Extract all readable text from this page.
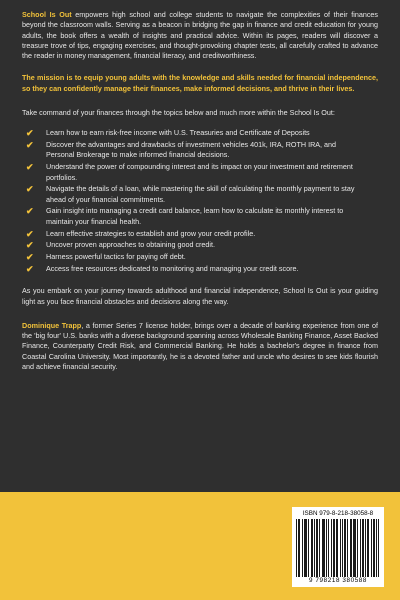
School Is Out empowers high school and college students to navigate the complexities of their finances beyond the classroom walls. Serving as a beacon in bridging the gap in finance and credit education for young adults, the book offers a wealth of insights and practical advice. Within its pages, readers will discover a treasure trove of tips, engaging exercises, and thought-provoking chapter tests, all carefully crafted to advance the reader in money management, financial literacy, and creditworthiness.

The mission is to equip young adults with the knowledge and skills needed for financial independence, so they can confidently manage their finances, make informed decisions, and thrive in their lives.

Take command of your finances through the topics below and much more within the School Is Out:

✔ Learn how to earn risk-free income with U.S. Treasuries and Certificate of Deposits
✔ Discover the advantages and drawbacks of investment vehicles 401k, IRA, ROTH IRA, and Personal Brokerage to make informed financial decisions.
✔ Understand the power of compounding interest and its impact on your investment and retirement portfolios.
✔ Navigate the details of a loan, while mastering the skill of calculating the monthly payment to stay ahead of your financial commitments.
✔ Gain insight into managing a credit card balance, learn how to calculate its monthly interest to maintain your financial health.
✔ Learn effective strategies to establish and grow your credit profile.
✔ Uncover proven approaches to obtaining good credit.
✔ Harness powerful tactics for paying off debt.
✔ Access free resources dedicated to monitoring and managing your credit score.

As you embark on your journey towards adulthood and financial independence, School Is Out is your guiding light as you face financial obstacles and decisions along the way.

Dominique Trapp, a former Series 7 license holder, brings over a decade of banking experience from one of the 'big four' U.S. banks with a diverse background spanning across Wholesale Banking Finance, Asset Backed Finance, Counterparty Credit Risk, and Commercial Banking. He holds a bachelor's degree in finance from Coastal Carolina University. Most importantly, he is a devoted father and uncle who desires to see kids flourish and achieve financial security.

ISBN 979-8-218-38058-8
9 798218 380588
